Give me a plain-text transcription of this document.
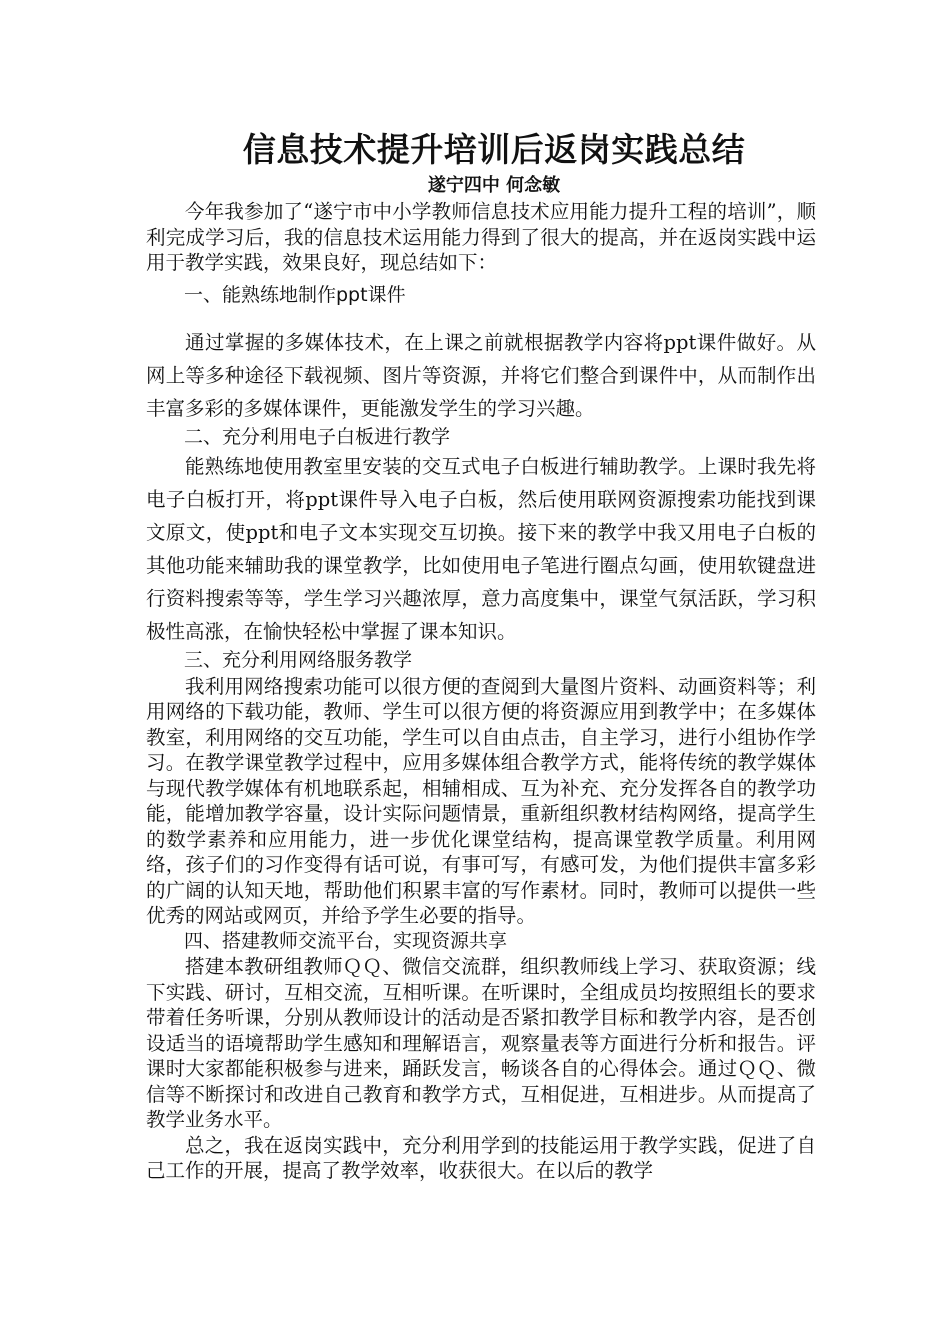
信息技术提升培训后返岗实践总结
遂宁四中 何念敏

今年我参加了“遂宁市中小学教师信息技术应用能力提升工程的培训”，顺利完成学习后，我的信息技术运用能力得到了很大的提高，并在返岗实践中运用于教学实践，效果良好，现总结如下：

一、能熟练地制作ppt课件

通过掌握的多媒体技术，在上课之前就根据教学内容将ppt课件做好。从网上等多种途径下载视频、图片等资源，并将它们整合到课件中，从而制作出丰富多彩的多媒体课件，更能激发学生的学习兴趣。

二、充分利用电子白板进行教学

能熟练地使用教室里安装的交互式电子白板进行辅助教学。上课时我先将电子白板打开，将ppt课件导入电子白板，然后使用联网资源搜索功能找到课文原文，使ppt和电子文本实现交互切换。接下来的教学中我又用电子白板的其他功能来辅助我的课堂教学，比如使用电子笔进行圈点勾画，使用软键盘进行资料搜索等等，学生学习兴趣浓厚，意力高度集中，课堂气氛活跃，学习积极性高涨，在愉快轻松中掌握了课本知识。

三、充分利用网络服务教学

我利用网络搜索功能可以很方便的查阅到大量图片资料、动画资料等；利用网络的下载功能，教师、学生可以很方便的将资源应用到教学中；在多媒体教室，利用网络的交互功能，学生可以自由点击，自主学习，进行小组协作学习。在教学课堂教学过程中，应用多媒体组合教学方式，能将传统的教学媒体与现代教学媒体有机地联系起，相辅相成、互为补充、充分发挥各自的教学功能，能增加教学容量，设计实际问题情景，重新组织教材结构网络，提高学生的数学素养和应用能力，进一步优化课堂结构，提高课堂教学质量。利用网络，孩子们的习作变得有话可说，有事可写，有感可发，为他们提供丰富多彩的广阔的认知天地，帮助他们积累丰富的写作素材。同时，教师可以提供一些优秀的网站或网页，并给予学生必要的指导。

四、搭建教师交流平台，实现资源共享

搭建本教研组教师ＱＱ、微信交流群，组织教师线上学习、获取资源；线下实践、研讨，互相交流，互相听课。在听课时，全组成员均按照组长的要求带着任务听课，分别从教师设计的活动是否紧扣教学目标和教学内容，是否创设适当的语境帮助学生感知和理解语言，观察量表等方面进行分析和报告。评课时大家都能积极参与进来，踊跃发言，畅谈各自的心得体会。通过ＱＱ、微信等不断探讨和改进自己教育和教学方式，互相促进，互相进步。从而提高了教学业务水平。

总之，我在返岗实践中，充分利用学到的技能运用于教学实践，促进了自己工作的开展，提高了教学效率，收获很大。在以后的教学
